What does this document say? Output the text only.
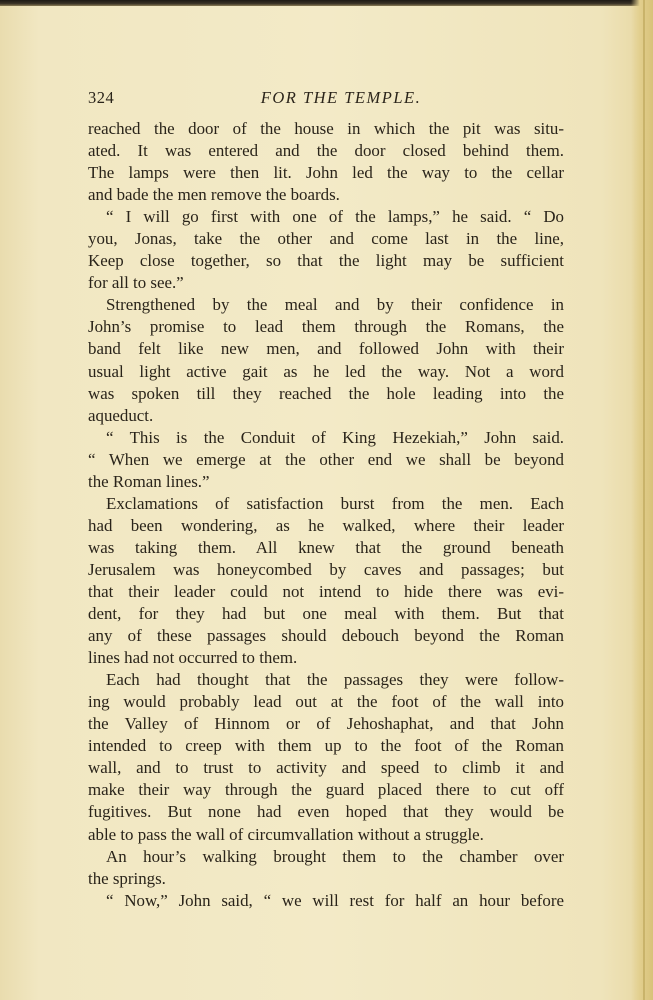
324	FOR THE TEMPLE.
reached the door of the house in which the pit was situ-
ated. It was entered and the door closed behind them.
The lamps were then lit. John led the way to the cellar
and bade the men remove the boards.
“ I will go first with one of the lamps,” he said. “ Do
you, Jonas, take the other and come last in the line,
Keep close together, so that the light may be sufficient
for all to see.”
Strengthened by the meal and by their confidence in
John’s promise to lead them through the Romans, the
band felt like new men, and followed John with their
usual light active gait as he led the way. Not a word
was spoken till they reached the hole leading into the
aqueduct.
“ This is the Conduit of King Hezekiah,” John said.
“ When we emerge at the other end we shall be beyond
the Roman lines.”
Exclamations of satisfaction burst from the men. Each
had been wondering, as he walked, where their leader
was taking them. All knew that the ground beneath
Jerusalem was honeycombed by caves and passages; but
that their leader could not intend to hide there was evi-
dent, for they had but one meal with them. But that
any of these passages should debouch beyond the Roman
lines had not occurred to them.
Each had thought that the passages they were follow-
ing would probably lead out at the foot of the wall into
the Valley of Hinnom or of Jehoshaphat, and that John
intended to creep with them up to the foot of the Roman
wall, and to trust to activity and speed to climb it and
make their way through the guard placed there to cut off
fugitives. But none had even hoped that they would be
able to pass the wall of circumvallation without a struggle.
An hour’s walking brought them to the chamber over
the springs.
“ Now,” John said, “ we will rest for half an hour before
